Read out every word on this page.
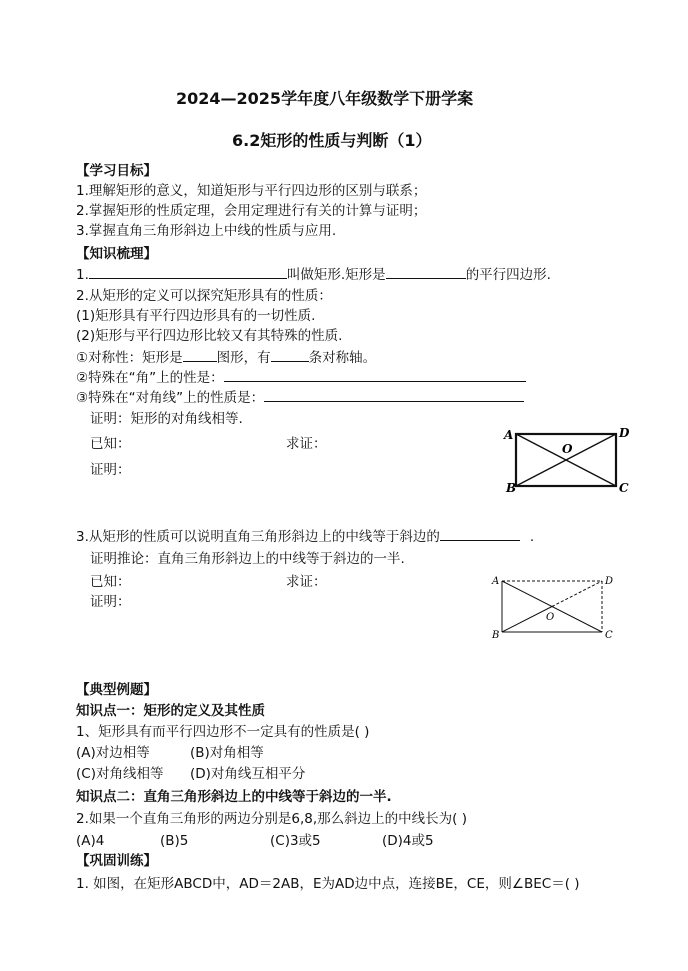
2024—2025学年度八年级数学下册学案
6.2矩形的性质与判断（1）
【学习目标】
1.理解矩形的意义，知道矩形与平行四边形的区别与联系；
2.掌握矩形的性质定理，会用定理进行有关的计算与证明；
3.掌握直角三角形斜边上中线的性质与应用.
【知识梳理】
1.	叫做矩形.矩形是	的平行四边形.
2.从矩形的定义可以探究矩形具有的性质：
(1)矩形具有平行四边形具有的一切性质.
(2)矩形与平行四边形比较又有其特殊的性质.
①对称性：矩形是	图形，有	条对称轴。
②特殊在“角”上的性是：
③特殊在“对角线”上的性质是：
证明：矩形的对角线相等.
已知：	求证：
证明：
A	D
B	C
O
3.从矩形的性质可以说明直角三角形斜边上的中线等于斜边的	.
证明推论：直角三角形斜边上的中线等于斜边的一半.
已知：	求证：
证明：
A	D
B	C
O
【典型例题】
知识点一：矩形的定义及其性质
1、矩形具有而平行四边形不一定具有的性质是( )
(A)对边相等	(B)对角相等
(C)对角线相等 (D)对角线互相平分
知识点二：直角三角形斜边上的中线等于斜边的一半.
2.如果一个直角三角形的两边分别是6,8,那么斜边上的中线长为( )
(A)4	(B)5	(C)3或5	(D)4或5
【巩固训练】
1. 如图，在矩形ABCD中，AD＝2AB，E为AD边中点，连接BE，CE，则∠BEC＝( )
